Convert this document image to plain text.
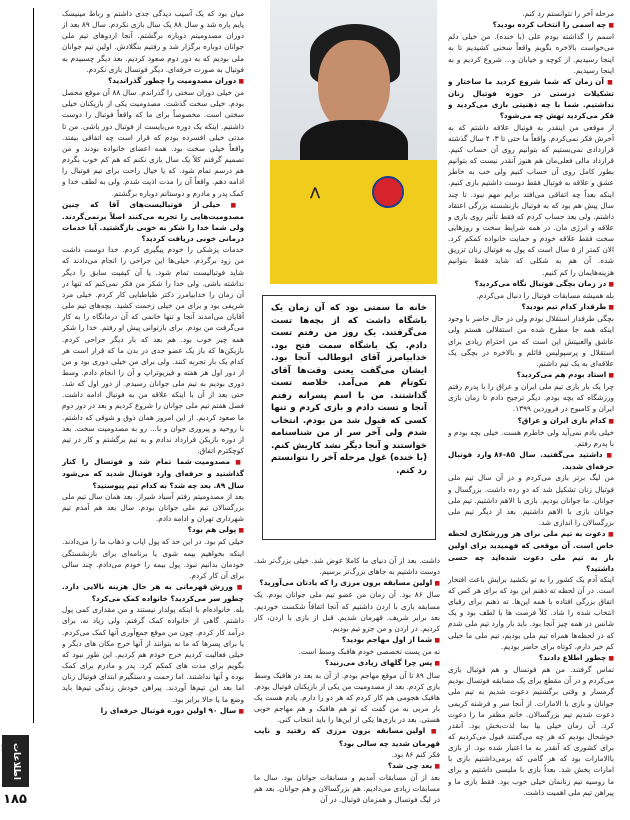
مرحله آخر را نتوانستم رد کنم.

■ چه اسمی را انتخاب کرده بودید؟

اسمم را گذاشته بودم علی (با خنده). من خیلی دلم می‌خواست بالاخره بگویم واقعاً سخنی کشیدیم تا به اینجا رسیدیم. از کوچه و خیابان و... شروع کردیم و به اینجا رسیدیم.

■ آن زمان که شما شروع کردید ما ساختار و تشکیلات درستی در حوزه فوتبال زنان نداشتیم. شما با چه ذهنیتی بازی می‌کردید و فکر می‌کردید تهش چه می‌شود؟

از موقعی من اینقدر به فوتبال علاقه داشتم که به آخرش فکر نمی‌کردم. واقعاً ما حتی تا ۳، ۴ سال گذشته قراردادی نمی‌بستیم که بتوانیم روی آن حساب کنیم. قرارداد مالی فعلی‌مان هم هنوز آنقدر نیست که بتوانیم بطور کامل روی آن حساب کنیم ولی خب به خاطر عشق و علاقه به فوتبال فقط دوست داشتیم بازی کنیم. اینکه بعداً چه اتفاقی می‌افتد برایم مهم نبود. تا چند سال پیش هم بود که به فوتبال بازنشسته بزرگی اعتقاد داشتم. ولی بعد حساب کردم که فقط تأثیر روی بازی و علاقه و انرژی مان. در همه شرایط سخت و روزهایی سخت فقط علاقه خودم و حمایت خانواده کمکم کرد. الان کمتر از ۵ سال است که پول به فوتبال زنان تزریق شده. آن هم به شکلی که شاید فقط بتوانیم هزینه‌هایمان را کم کنیم.

■ در زمان بچگی فوتبال نگاه می‌کردید؟

بله همیشه مسابقات فوتبال را دنبال می‌کردم.

■ طرفدار کدام تیم بودید؟

بچگی طرفدار استقلال بودم ولی در حال حاضر با وجود اینکه همه جا مطرح شده من استقلالی هستم ولی عاشق والعبیتش این است که من احترام زیادی برای استقلال و پرسپولیس قائلم و بالاخره در بچگی یک علاقه‌ای به یک تیم داشتم.

■ استاد بودم هم می‌کردید؟

چرا یک بار بازی تیم ملی ایران و عراق را با پدرم رفتم ورزشگاه که بچه بودم. دیگر ترجیح دادم تا زمان بازی ایران و کامبوج در فروردین ۱۳۹۹.

■ کدام بازی ایران و عراق؟

خیلی یادم نمی‌آید ولی خاطرم هست. خیلی بچه بودم و با پدرم رفتم.

■ داشتید می‌گفتید. سال ۸۵-۸۶ وارد فوتبال حرفه‌ای شدید.

من لیگ برتر بازی می‌کردم و در آن سال تیم ملی فوتبال زنان تشکیل شد که دو رده داشت. بزرگسال و جوانان. ما جوانان بودیم. بازی با الاهم داشتیم. تیم ملی جوانان بازی با الاهم داشتیم. بعد از دیگر تیم ملی بزرگسالان را اندازی شد.

■ دعوت به تیم ملی برای هر ورزشکاری لحظه خاص است. آن موقعی که فهمیدید برای اولین بار به تیم ملی دعوت شده‌اید چه حسی داشتید؟

اینکه آدم یک کشور را به تو بکشید برایش باعث افتخار است. در آن لحظه ته ذهنم این بود که برای هر کس که اتفاق بزرگی افتاده با همه این‌ها. ته ذهنم برای رقبای انتخاب شده را شاد. کلاً فرصت ها با لطف بود و یک شانس در همه چیز آنجا بود. باید بار وارد تیم ملی شدم که در لحظه‌ها همراه تیم ملی بودیم، تیم ملی ما خیلی کم خبر دارم، کوتاه برای حاضر بودیم.

■ چطور اطلاع دادند؟

تماس گرفتند. من هم فوتسال و هم فوتبال بازی می‌کردم و در آن مقطع برای یک مسابقه فوتسال بودیم گرمسار و وقتی برگشتیم دعوت شدیم به تیم ملی جوانان و بازی با الامارات. از آنجا سر و فرشته کریمی دعوت شدیم تیم بزرگسالان. خانم مظفر ما را دعوت کرد. آن زمان خیلی بیا بما لذت‌بخش بود. آنقدر خوشحال بودیم که هر چه می‌گفتند قبول می‌کردیم که برای کشوری که آنقدر به ما اعتبار شده بود. از بازی با‌الامارات بود که هر گامی که برمی‌داشتیم بازی با امارات پخش شد. بعداً بازی با ملیسی داشتیم و برای ما روسیه تیم زنانمان خیلی خوب بود. فقط بازی ما و پیراهن تیم ملی اهمیت داشت.

⋀
خانه ما سمتی بود که آن زمان یک باشگاه داشت که از بچه‌ها تست می‌گرفتند. یک روز من رفتم تست دادم. یک باشگاه سمت فتح بود. خدابیامرز آقای ابوطالب آنجا بود. ایشان می‌گفت یعنی وقت‌ها آقای تکوتام هم می‌آمد. خلاصه تست گذاشتند. من با اسم پسرانه رفتم آنجا و تست دادم و بازی کردم و تنها کسی که قبول شد من بودم. انتخاب شدم ولی آخر سر از من شناسنامه خواستند و آنجا دیگر نشد کاریش کنم. (با خنده) غول مرحله آخر را نتوانستم رد کنم.

داشت. بعد از آن دنیای ما کاملا عوض شد. خیلی بزرگ‌تر شد. دوست داشتیم به جاهای بزرگ‌تر برسیم.

■ اولین مسابقه برون مرزی را که یادتان می‌آورید؟

سال ۸۶ بود. آن زمان من عضو تیم ملی جوانان بودم. یک مسابقه بازی با اردن داشتیم که آنجا اتفاقاً شکست خوردیم. بعد برابر شریف. قهرمان شدیم. قبل از بازی با اردن، کار کردیم. در اردن و من جزو تیم بودیم.

■ شما از اول مهاجم بودید؟

نه من پست تخصصی خودم هافبک وسط است.

■ پس چرا گلهای زیادی می‌زنید؟

سال ۸۹ تا آن موقع مهاجم بودم. از آن به بعد در هافبک وسط بازی کردم. بعد از مصدومیت من یکی از بازیکنان فوتبال بودم. هافبک هجومی هم کار کردم که هر دو را دارم. یادم هست یک بار مربی به من گفت که تو هم هافبک و هم مهاجم خوبی هستی. بعد در بازی‌ها یکی از این‌ها را باید انتخاب کنی.

■ اولین مسابقه برون مرزی که رفتید و نایب قهرمان شدید چه سالی بود؟

فکر کنم ۸۶ بود.

■ بعد چی شد؟

بعد از آن مسابقات آمدیم و مسابقات جوانان بود. سال ما مسابقات زیادی می‌دادیم. هم بزرگسالان و هم جوانان. بعد هم در لیگ فوتسال و همزمان فوتبال. در آن

میان بود که یک آسیب دیدگی جدی داشتم و رباط مینیسک پایم پاره شد و سال ۸۸ یک سال بازی نکردم. سال ۸۹ بعد از دوران مصدومیتم دوباره برگشتم. آنجا اردوهای تیم ملی جوانان دوباره برگزار شد و رفتیم بنگلادش. اولین تیم جوانان ملی بودیم که به دور دوم صعود کردیم. بعد دیگر چسبیدم به فوتبال به صورت حرفه‌ای. دیگر فوتسال بازی نکردم.

■ دوران مصدومیت را چطور گذراندید؟

من خیلی دوران سختی را گذراندم. سال ۸۸ آن موقع محصل بودم. خیلی سخت گذشت. مصدومیت یکی از بازیکنان خیلی سختی است. مخصوصاً برای ما که واقعاً فوتبال را دوست داشتیم. اینکه یک دوره می‌بایست از فوتبال دور باشی. من تا مدتی خیلی افسرده بودم که قرار است چه اتفاقی بیفتد. واقعاً خیلی سخت بود. همه اعضای خانواده بودند و من تصمیم گرفتم کلاً یک سال بازی نکنم که هم کم خوب بگردم هم درسم تمام شود. که یا خیال راحت برای تیم فوتبال را ادامه دهم. واقعاً آن را مدت اذیت شدم. ولی به لطف خدا و کمک پدر و مادرم و دوستانم دوباره برگشتم.

■ خیلی از فوتبالیست‌های آقا که چنین مصدومیت‌هایی را تجربه می‌کنند اصلاً برنمی‌گردند. ولی شما خدا را شکر به خوبی بازگشتید. آیا خدمات درمانی خوبی دریافت کردید؟

خدمات پزشکی را خودم پیگیری کردم. خدا دوست داشت من زود برگردم. خیلی‌ها این جراحی را انجام می‌دادند که شاید فوتبالیست تمام شود. یا آن کیفیت سابق را دیگر نداشته باشی. ولی خدا را شکر من فکر نمی‌کنم که تنها در آن زمان را خدابیامرز دکتر طباطبایی کار کردم. خیلی مرد شریفی بود و برای من خیلی زحمت کشید. بچه‌های تیم ملی آقایان می‌امدند آنجا و تنها خانمی که آن درمانگاه را به کار می‌گرفت من بودم. برای بازتوانی پیش او رفتم. خدا را شکر همه چیز خوب بود. هم بعد که بار دیگر جراحی کردم. بازیکن‌ها که باز یک عضو جدی در بدن ما که قرار است هر کدام یک بار تجربه کنند. ولی برای من خیلی دوری بود و من از دور اول هر هفته و فیزیوتراپ و آن را انجام دادم. وسط دوری بودیم به تیم ملی جوانان رسیدم. از دور اول که شد. حتی بعد از آن با اینکه علاقه من به فوتبال ادامه داشت. فصل هفتم تیم ملی جوانان را شروع کردیم و بعد در دور دوم ما صعود کردیم. از این امروز همان ذوق و شوقی که داشتم. با روحیه و پیروزی جوان و با... رو به مصدومیت سخت. بعد از دوره بازیکن قرارداد ندادم و به تیم برگشتم و کار در تیم کوچکترم اتفاق.

■ مصدومیت شما تمام شد و فوتسال را کنار گذاشتید و حرفه‌ای وارد فوتبال شدید که می‌شود سال ۸۹. بعد چه شد؟ به کدام تیم پیوستید؟

بعد از مصدومیتم رفتم آسیاد شیراز. بعد همان سال تیم ملی بزرگسالان تیم ملی جوانان بودم. سال بعد هم آمدم تیم شهرداری تهران و ادامه دادم.

■ پولی هم بود؟

خیلی کم بود. در این حد که پول ایاب و ذهاب ما را می‌دادند. اینکه بخواهیم بیمه شوی یا برنامه‌ای برای بازنشستگی خودمان بدانیم نبود. پول بیمه را خودم می‌دادم. چند سالی برای آن کار کردم.

■ ورزش قهرمانی به هر حال هزینه بالایی دارد. چطور سر می‌کردید؟ خانواده کمک می‌کرد؟

بله. خانواده‌ام با اینکه پولدار نیستند و من مقداری کمی پول داشتم. گاهی از خانواده کمک گرفتم. ولی زیاد نه، برای درآمد کار کردم. چون من موقع جمع‌آوری آنها کمک می‌کردم. یا برای پسرها که ما نه بتوانند از آنها خرج مکان های دیگر و خیلی فعالیت کردیم خرج خودم هم کردیم. این طور نبود که بگویم برای مدت های کمکم کرد. پدر و مادرم برای کمک بوده و آنها نداشتند. اما زحمت و دستگیرم ابتدای فوتبال زنان اما بعد این تیم‌ها آوردند. پیراهن خودش زندگی تیم‌ها باید وضع ما با حالا برابر بود.

■ سال ۹۰ اولین دوره فوتبال حرفه‌ای را

اطلاعات
۱۸۵
